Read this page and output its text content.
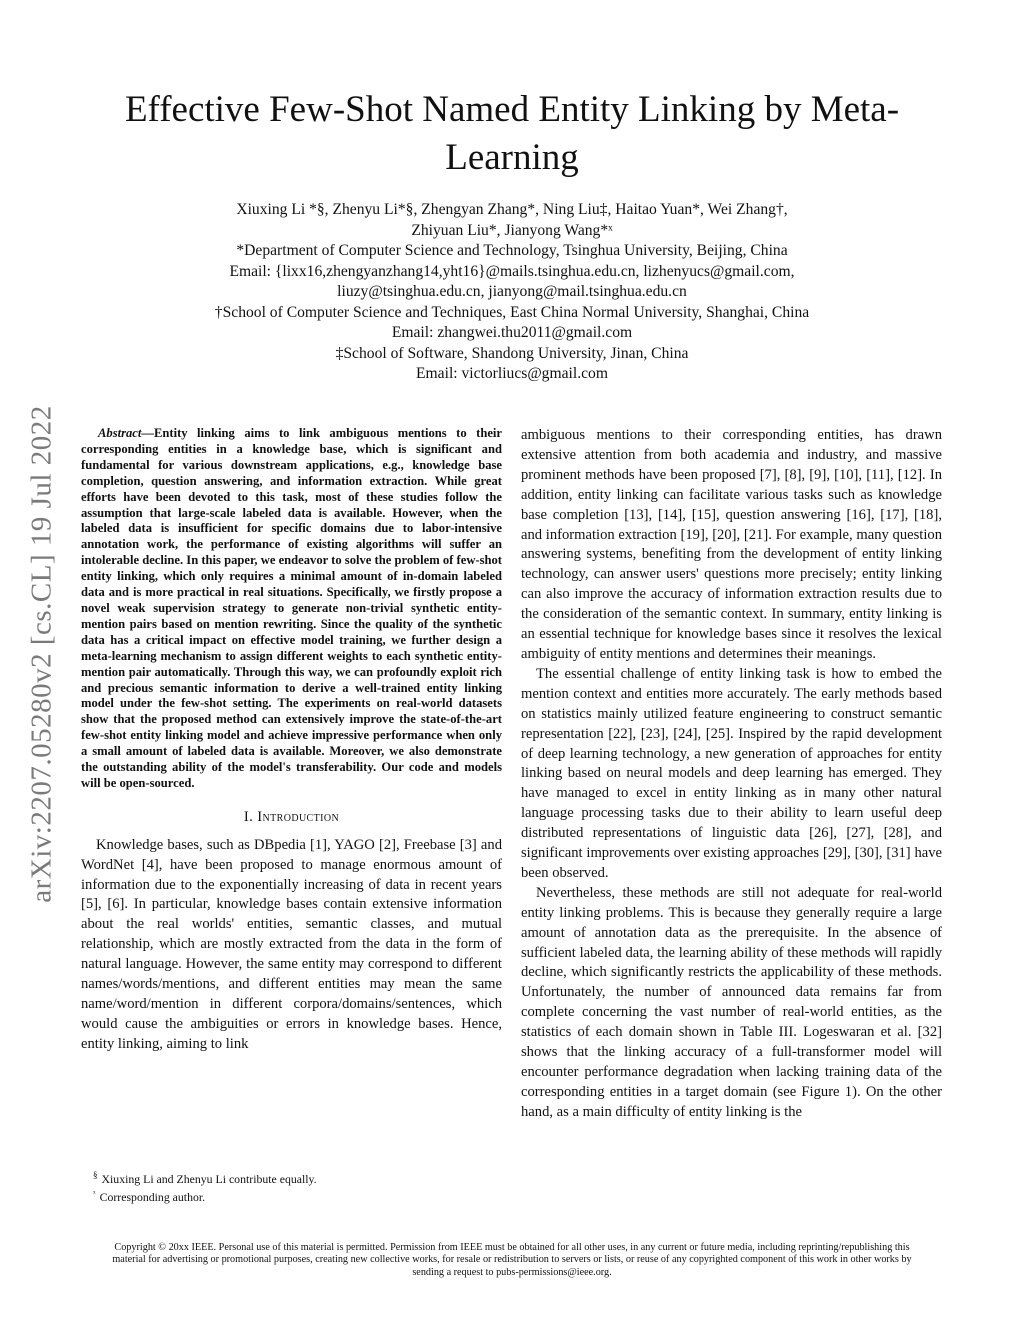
arXiv:2207.05280v2 [cs.CL] 19 Jul 2022
Effective Few-Shot Named Entity Linking by Meta-Learning
Xiuxing Li *§, Zhenyu Li*§, Zhengyan Zhang*, Ning Liu‡, Haitao Yuan*, Wei Zhang†,
Zhiyuan Liu*, Jianyong Wang*ˣ
*Department of Computer Science and Technology, Tsinghua University, Beijing, China
Email: {lixx16,zhengyanzhang14,yht16}@mails.tsinghua.edu.cn, lizhenyucs@gmail.com,
liuzy@tsinghua.edu.cn, jianyong@mail.tsinghua.edu.cn
†School of Computer Science and Techniques, East China Normal University, Shanghai, China
Email: zhangwei.thu2011@gmail.com
‡School of Software, Shandong University, Jinan, China
Email: victorliucs@gmail.com

Abstract—Entity linking aims to link ambiguous mentions to their corresponding entities in a knowledge base, which is significant and fundamental for various downstream applications, e.g., knowledge base completion, question answering, and information extraction. While great efforts have been devoted to this task, most of these studies follow the assumption that large-scale labeled data is available. However, when the labeled data is insufficient for specific domains due to labor-intensive annotation work, the performance of existing algorithms will suffer an intolerable decline. In this paper, we endeavor to solve the problem of few-shot entity linking, which only requires a minimal amount of in-domain labeled data and is more practical in real situations. Specifically, we firstly propose a novel weak supervision strategy to generate non-trivial synthetic entity-mention pairs based on mention rewriting. Since the quality of the synthetic data has a critical impact on effective model training, we further design a meta-learning mechanism to assign different weights to each synthetic entity-mention pair automatically. Through this way, we can profoundly exploit rich and precious semantic information to derive a well-trained entity linking model under the few-shot setting. The experiments on real-world datasets show that the proposed method can extensively improve the state-of-the-art few-shot entity linking model and achieve impressive performance when only a small amount of labeled data is available. Moreover, we also demonstrate the outstanding ability of the model's transferability. Our code and models will be open-sourced.

I. Introduction

Knowledge bases, such as DBpedia [1], YAGO [2], Freebase [3] and WordNet [4], have been proposed to manage enormous amount of information due to the exponentially increasing of data in recent years [5], [6]. In particular, knowledge bases contain extensive information about the real worlds' entities, semantic classes, and mutual relationship, which are mostly extracted from the data in the form of natural language. However, the same entity may correspond to different names/words/mentions, and different entities may mean the same name/word/mention in different corpora/domains/sentences, which would cause the ambiguities or errors in knowledge bases. Hence, entity linking, aiming to link

ambiguous mentions to their corresponding entities, has drawn extensive attention from both academia and industry, and massive prominent methods have been proposed [7], [8], [9], [10], [11], [12]. In addition, entity linking can facilitate various tasks such as knowledge base completion [13], [14], [15], question answering [16], [17], [18], and information extraction [19], [20], [21]. For example, many question answering systems, benefiting from the development of entity linking technology, can answer users' questions more precisely; entity linking can also improve the accuracy of information extraction results due to the consideration of the semantic context. In summary, entity linking is an essential technique for knowledge bases since it resolves the lexical ambiguity of entity mentions and determines their meanings.

The essential challenge of entity linking task is how to embed the mention context and entities more accurately. The early methods based on statistics mainly utilized feature engineering to construct semantic representation [22], [23], [24], [25]. Inspired by the rapid development of deep learning technology, a new generation of approaches for entity linking based on neural models and deep learning has emerged. They have managed to excel in entity linking as in many other natural language processing tasks due to their ability to learn useful deep distributed representations of linguistic data [26], [27], [28], and significant improvements over existing approaches [29], [30], [31] have been observed.

Nevertheless, these methods are still not adequate for real-world entity linking problems. This is because they generally require a large amount of annotation data as the prerequisite. In the absence of sufficient labeled data, the learning ability of these methods will rapidly decline, which significantly restricts the applicability of these methods. Unfortunately, the number of announced data remains far from complete concerning the vast number of real-world entities, as the statistics of each domain shown in Table III. Logeswaran et al. [32] shows that the linking accuracy of a full-transformer model will encounter performance degradation when lacking training data of the corresponding entities in a target domain (see Figure 1). On the other hand, as a main difficulty of entity linking is the

§ Xiuxing Li and Zhenyu Li contribute equally.
$^ˣ$ Corresponding author.
Copyright © 20xx IEEE. Personal use of this material is permitted. Permission from IEEE must be obtained for all other uses, in any current or future media, including reprinting/republishing this material for advertising or promotional purposes, creating new collective works, for resale or redistribution to servers or lists, or reuse of any copyrighted component of this work in other works by sending a request to pubs-permissions@ieee.org.
